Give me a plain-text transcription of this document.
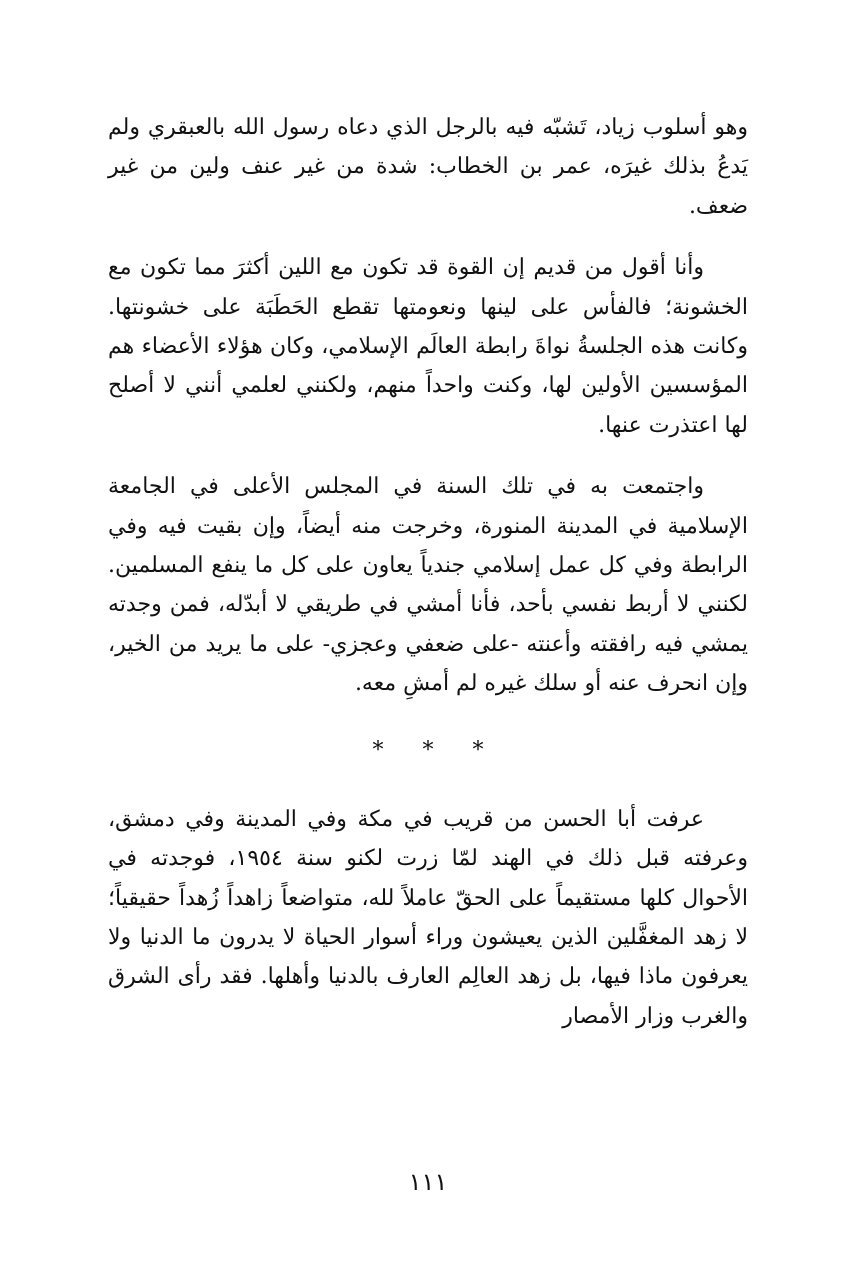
وهو أسلوب زياد، تَشبّه فيه بالرجل الذي دعاه رسول الله بالعبقري ولم يَدعُ بذلك غيرَه، عمر بن الخطاب: شدة من غير عنف ولين من غير ضعف.

وأنا أقول من قديم إن القوة قد تكون مع اللين أكثرَ مما تكون مع الخشونة؛ فالفأس على لينها ونعومتها تقطع الحَطَبَة على خشونتها. وكانت هذه الجلسةُ نواةَ رابطة العالَم الإسلامي، وكان هؤلاء الأعضاء هم المؤسسين الأولين لها، وكنت واحداً منهم، ولكنني لعلمي أنني لا أصلح لها اعتذرت عنها.

واجتمعت به في تلك السنة في المجلس الأعلى في الجامعة الإسلامية في المدينة المنورة، وخرجت منه أيضاً، وإن بقيت فيه وفي الرابطة وفي كل عمل إسلامي جندياً يعاون على كل ما ينفع المسلمين. لكنني لا أربط نفسي بأحد، فأنا أمشي في طريقي لا أبدّله، فمن وجدته يمشي فيه رافقته وأعنته -على ضعفي وعجزي- على ما يريد من الخير، وإن انحرف عنه أو سلك غيره لم أمشِ معه.

* * *

عرفت أبا الحسن من قريب في مكة وفي المدينة وفي دمشق، وعرفته قبل ذلك في الهند لمّا زرت لكنو سنة ١٩٥٤، فوجدته في الأحوال كلها مستقيماً على الحقّ عاملاً لله، متواضعاً زاهداً زُهداً حقيقياً؛ لا زهد المغفَّلين الذين يعيشون وراء أسوار الحياة لا يدرون ما الدنيا ولا يعرفون ماذا فيها، بل زهد العالِم العارف بالدنيا وأهلها. فقد رأى الشرق والغرب وزار الأمصار

١١١
